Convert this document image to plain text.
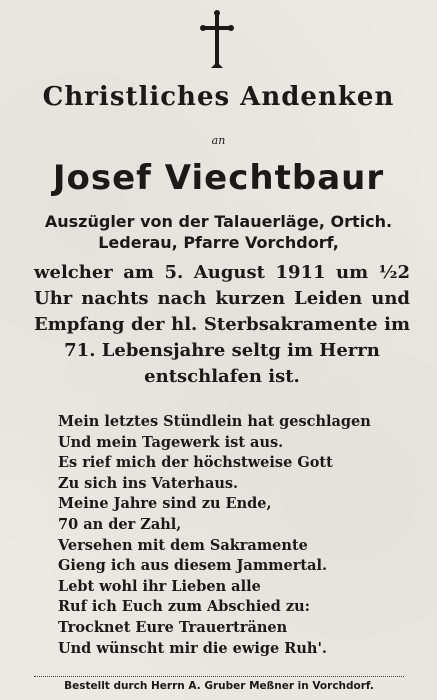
Christliches Andenken
an
Josef Viechtbaur
Auszügler von der Talauerläge, Ortich.
Lederau, Pfarre Vorchdorf,
welcher am 5. August 1911 um ½2
Uhr nachts nach kurzen Leiden und
Empfang der hl. Sterbsakramente im
71. Lebensjahre seltg im Herrn
entschlafen ist.
Mein letztes Stündlein hat geschlagen
Und mein Tagewerk ist aus.
Es rief mich der höchstweise Gott
Zu sich ins Vaterhaus.
Meine Jahre sind zu Ende,
70 an der Zahl,
Versehen mit dem Sakramente
Gieng ich aus diesem Jammertal.
Lebt wohl ihr Lieben alle
Ruf ich Euch zum Abschied zu:
Trocknet Eure Trauertränen
Und wünscht mir die ewige Ruh'.
Bestellt durch Herrn A. Gruber Meßner in Vorchdorf.
